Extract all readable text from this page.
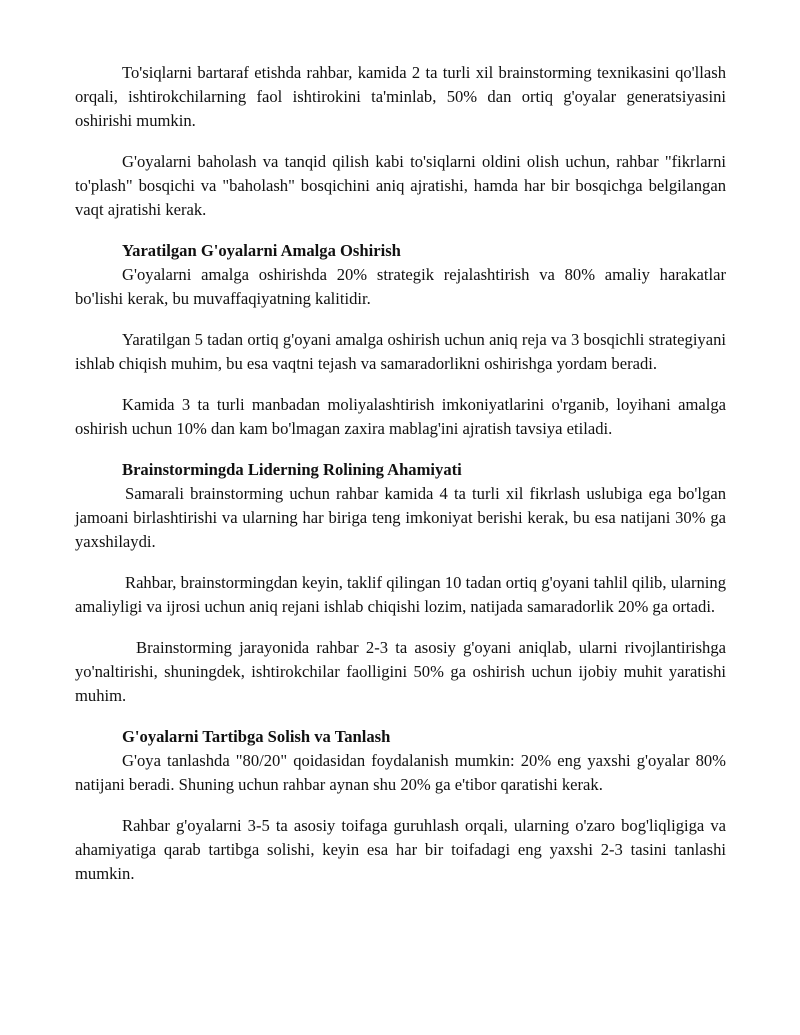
To'siqlarni bartaraf etishda rahbar, kamida 2 ta turli xil brainstorming texnikasini qo'llash orqali, ishtirokchilarning faol ishtirokini ta'minlab, 50% dan ortiq g'oyalar generatsiyasini oshirishi mumkin.

G'oyalarni baholash va tanqid qilish kabi to'siqlarni oldini olish uchun, rahbar "fikrlarni to'plash" bosqichi va "baholash" bosqichini aniq ajratishi, hamda har bir bosqichga belgilangan vaqt ajratishi kerak.

Yaratilgan G'oyalarni Amalga Oshirish

G'oyalarni amalga oshirishda 20% strategik rejalashtirish va 80% amaliy harakatlar bo'lishi kerak, bu muvaffaqiyatning kalitidir.

Yaratilgan 5 tadan ortiq g'oyani amalga oshirish uchun aniq reja va 3 bosqichli strategiyani ishlab chiqish muhim, bu esa vaqtni tejash va samaradorlikni oshirishga yordam beradi.

Kamida 3 ta turli manbadan moliyalashtirish imkoniyatlarini o'rganib, loyihani amalga oshirish uchun 10% dan kam bo'lmagan zaxira mablag'ini ajratish tavsiya etiladi.

Brainstormingda Liderning Rolining Ahamiyati

Samarali brainstorming uchun rahbar kamida 4 ta turli xil fikrlash uslubiga ega bo'lgan jamoani birlashtirishi va ularning har biriga teng imkoniyat berishi kerak, bu esa natijani 30% ga yaxshilaydi.

Rahbar, brainstormingdan keyin, taklif qilingan 10 tadan ortiq g'oyani tahlil qilib, ularning amaliyligi va ijrosi uchun aniq rejani ishlab chiqishi lozim, natijada samaradorlik 20% ga ortadi.

Brainstorming jarayonida rahbar 2-3 ta asosiy g'oyani aniqlab, ularni rivojlantirishga yo'naltirishi, shuningdek, ishtirokchilar faolligini 50% ga oshirish uchun ijobiy muhit yaratishi muhim.

G'oyalarni Tartibga Solish va Tanlash

G'oya tanlashda "80/20" qoidasidan foydalanish mumkin: 20% eng yaxshi g'oyalar 80% natijani beradi. Shuning uchun rahbar aynan shu 20% ga e'tibor qaratishi kerak.

Rahbar g'oyalarni 3-5 ta asosiy toifaga guruhlash orqali, ularning o'zaro bog'liqligiga va ahamiyatiga qarab tartibga solishi, keyin esa har bir toifadagi eng yaxshi 2-3 tasini tanlashi mumkin.
